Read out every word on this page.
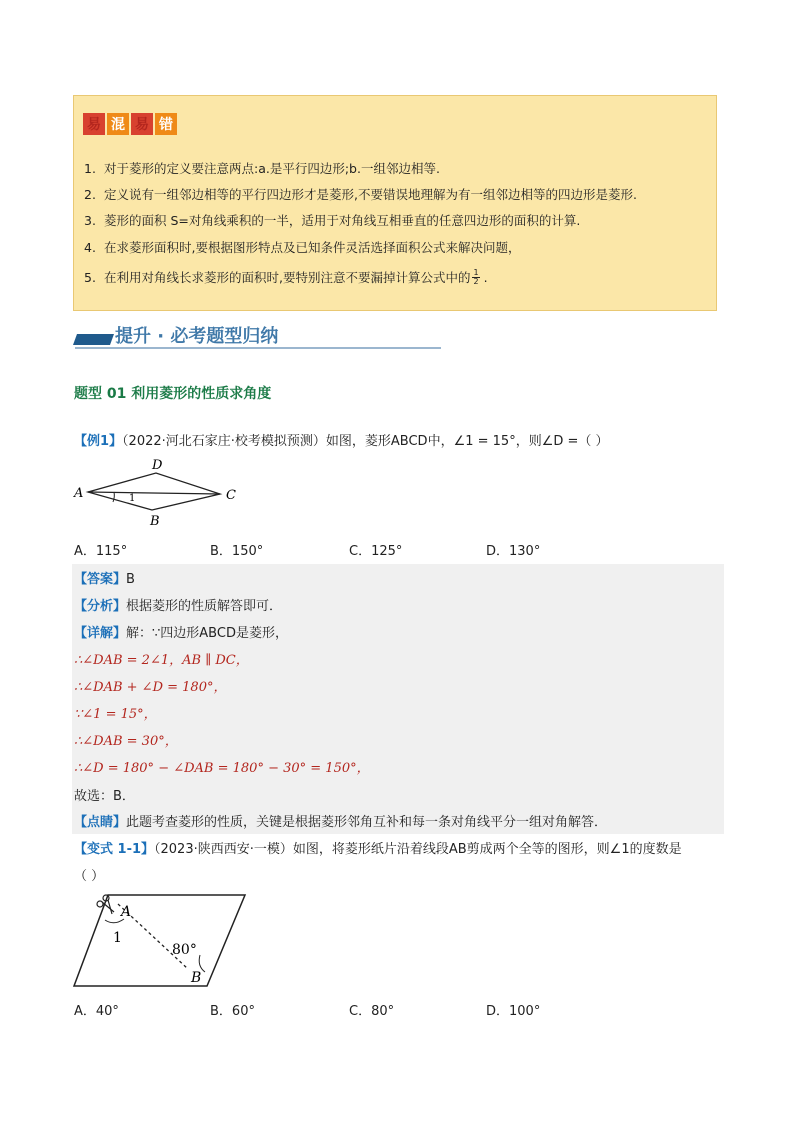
易 混 易 错
1. 对于菱形的定义要注意两点:a.是平行四边形;b.一组邻边相等.
2. 定义说有一组邻边相等的平行四边形才是菱形,不要错误地理解为有一组邻边相等的四边形是菱形.
3. 菱形的面积 S=对角线乘积的一半，适用于对角线互相垂直的任意四边形的面积的计算.
4. 在求菱形面积时,要根据图形特点及已知条件灵活选择面积公式来解决问题，
5. 在利用对角线长求菱形的面积时,要特别注意不要漏掉计算公式中的 $\frac{1}{2}$ .
提升 · 必考题型归纳
题型 01 利用菱形的性质求角度
【例1】（2022·河北石家庄·校考模拟预测）如图，菱形ABCD中，∠1 = 15°，则∠D =（ ）
A
D
C
B
1
A．115°	B．150°	C．125°	D．130°
【答案】B
【分析】根据菱形的性质解答即可．
【详解】解：∵四边形ABCD是菱形，
∴∠DAB = 2∠1，AB ∥ DC，
∴∠DAB + ∠D = 180°，
∵∠1 = 15°，
∴∠DAB = 30°，
∴∠D = 180° − ∠DAB = 180° − 30° = 150°，
故选：B．
【点睛】此题考查菱形的性质，关键是根据菱形邻角互补和每一条对角线平分一组对角解答．
【变式 1-1】（2023·陕西西安·一模）如图，将菱形纸片沿着线段AB剪成两个全等的图形，则∠1的度数是
（ ）
A
1
80°
B
A．40°	B．60°	C．80°	D．100°
